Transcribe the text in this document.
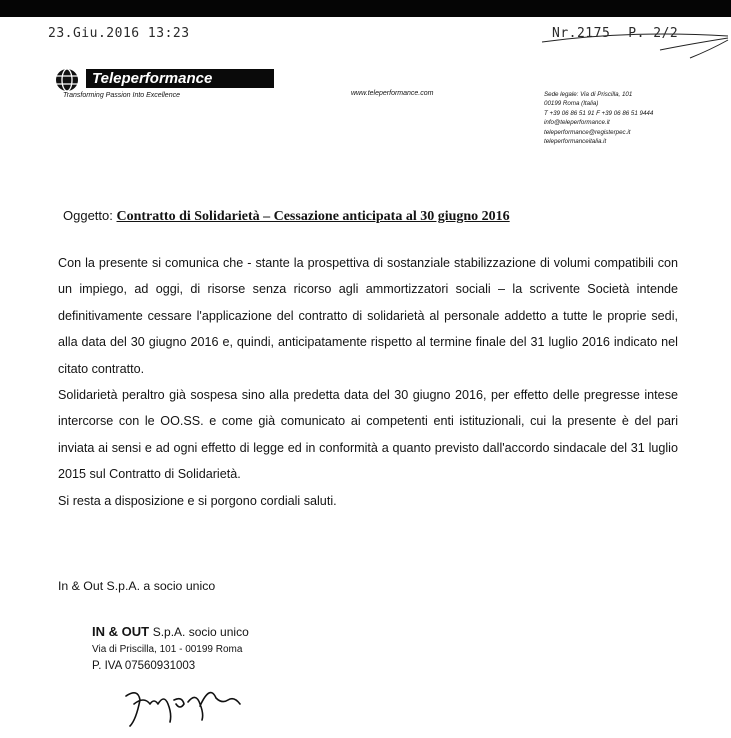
23.Giu.2016 13:23	Nr.2175 P. 2/2
Teleperformance
Transforming Passion Into Excellence	www.teleperformance.com	Sede legale: Via di Priscilla, 101
00199 Roma (Italia)
T +39 06 86 51 91 F +39 06 86 51 9444
info@teleperformance.it
teleperformance@registerpec.it
teleperformanceitalia.it
Oggetto: Contratto di Solidarietà – Cessazione anticipata al 30 giugno 2016

Con la presente si comunica che - stante la prospettiva di sostanziale stabilizzazione di volumi compatibili con un impiego, ad oggi, di risorse senza ricorso agli ammortizzatori sociali – la scrivente Società intende definitivamente cessare l'applicazione del contratto di solidarietà al personale addetto a tutte le proprie sedi, alla data del 30 giugno 2016 e, quindi, anticipatamente rispetto al termine finale del 31 luglio 2016 indicato nel citato contratto.

Solidarietà peraltro già sospesa sino alla predetta data del 30 giugno 2016, per effetto delle pregresse intese intercorse con le OO.SS. e come già comunicato ai competenti enti istituzionali, cui la presente è del pari inviata ai sensi e ad ogni effetto di legge ed in conformità a quanto previsto dall'accordo sindacale del 31 luglio 2015 sul Contratto di Solidarietà.

Si resta a disposizione e si porgono cordiali saluti.

In & Out S.p.A. a socio unico
IN & OUT S.p.A. socio unico
Via di Priscilla, 101 - 00199 Roma
P. IVA 07560931003
